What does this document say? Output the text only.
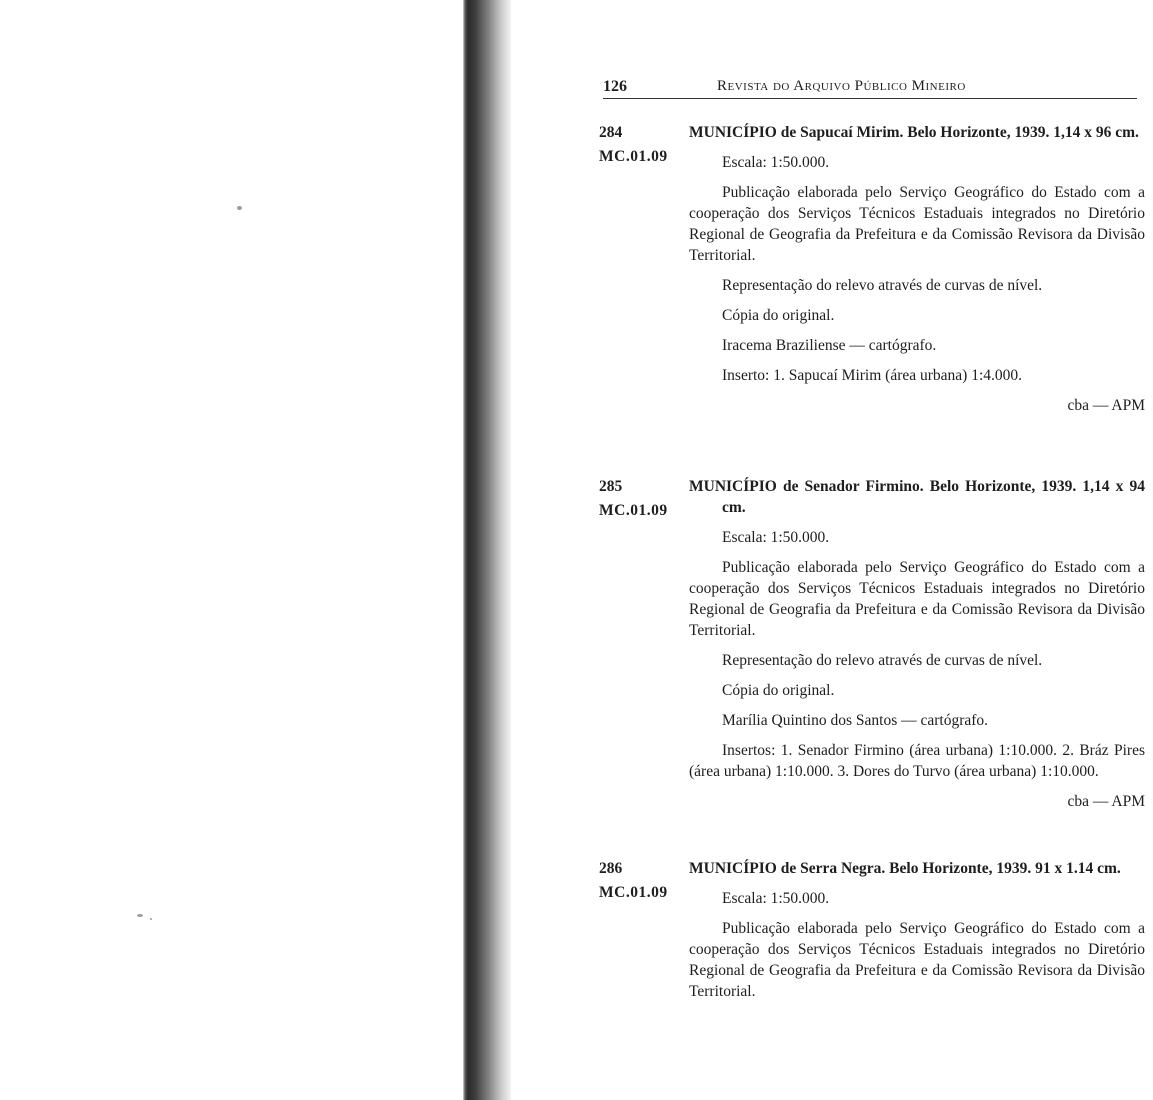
126	Revista do Arquivo Público Mineiro
284
MC.01.09

MUNICÍPIO de Sapucaí Mirim. Belo Horizonte, 1939. 1,14 x 96 cm.

Escala: 1:50.000.

Publicação elaborada pelo Serviço Geográfico do Estado com a cooperação dos Serviços Técnicos Estaduais integrados no Diretório Regional de Geografia da Prefeitura e da Comissão Revisora da Divisão Territorial.

Representação do relevo através de curvas de nível.

Cópia do original.

Iracema Braziliense — cartógrafo.

Inserto: 1. Sapucaí Mirim (área urbana) 1:4.000.

cba — APM

285
MC.01.09

MUNICÍPIO de Senador Firmino. Belo Horizonte, 1939. 1,14 x 94 cm.

Escala: 1:50.000.

Publicação elaborada pelo Serviço Geográfico do Estado com a cooperação dos Serviços Técnicos Estaduais integrados no Diretório Regional de Geografia da Prefeitura e da Comissão Revisora da Divisão Territorial.

Representação do relevo através de curvas de nível.

Cópia do original.

Marília Quintino dos Santos — cartógrafo.

Insertos: 1. Senador Firmino (área urbana) 1:10.000. 2. Bráz Pires (área urbana) 1:10.000. 3. Dores do Turvo (área urbana) 1:10.000.

cba — APM

286
MC.01.09

MUNICÍPIO de Serra Negra. Belo Horizonte, 1939. 91 x 1.14 cm.

Escala: 1:50.000.

Publicação elaborada pelo Serviço Geográfico do Estado com a cooperação dos Serviços Técnicos Estaduais integrados no Diretório Regional de Geografia da Prefeitura e da Comissão Revisora da Divisão Territorial.
